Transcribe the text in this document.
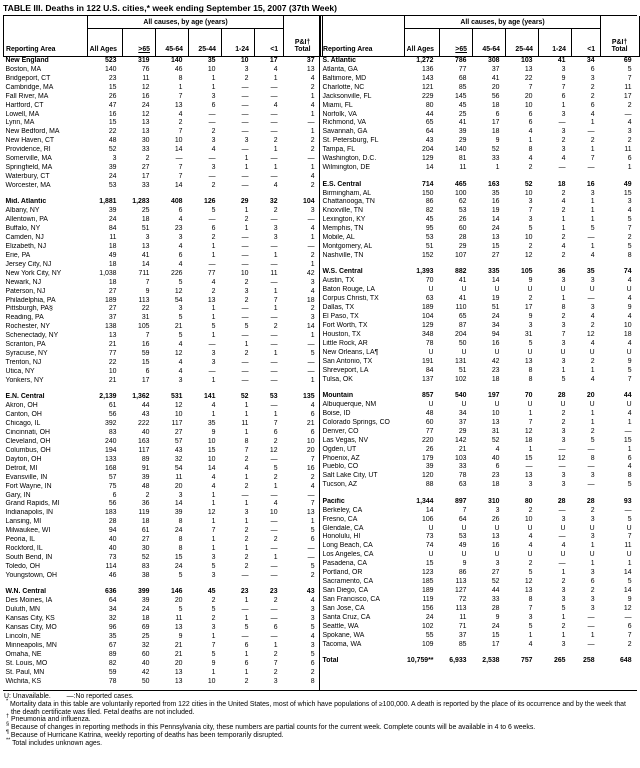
TABLE III. Deaths in 122 U.S. cities,* week ending September 15, 2007 (37th Week)
	All causes, by age (years)						
Reporting Area	All Ages	>65	45-64	25-44	1-24	<1	P&I†
Total
New England	523	319	140	35	10	17	37
Boston, MA	140	76	46	10	3	4	13
Bridgeport, CT	23	11	8	1	2	1	4
Cambridge, MA	15	12	1	1	—	—	2
Fall River, MA	26	16	7	3	—	—	1
Hartford, CT	47	24	13	6	—	4	4
Lowell, MA	16	12	4	—	—	—	1
Lynn, MA	15	13	2	—	—	—	—
New Bedford, MA	22	13	7	2	—	—	1
New Haven, CT	48	30	10	3	3	2	2
Providence, RI	52	33	14	4	—	1	2
Somerville, MA	3	2	—	—	1	—	—
Springfield, MA	39	27	7	3	1	1	1
Waterbury, CT	24	17	7	—	—	—	4
Worcester, MA	53	33	14	2	—	4	2

Mid. Atlantic	1,881	1,283	408	126	29	32	104
Albany, NY	39	25	6	5	1	2	3
Allentown, PA	24	18	4	—	2	—	—
Buffalo, NY	84	51	23	6	1	3	4
Camden, NJ	11	3	3	2	—	3	1
Elizabeth, NJ	18	13	4	1	—	—	—
Erie, PA	49	41	6	1	—	1	2
Jersey City, NJ	18	14	4	—	—	—	1
New York City, NY	1,038	711	226	77	10	11	42
Newark, NJ	18	7	5	4	2	—	3
Paterson, NJ	27	9	12	2	3	1	4
Philadelphia, PA	189	113	54	13	2	7	18
Pittsburgh, PA§	27	22	3	1	—	1	2
Reading, PA	37	31	5	1	—	—	3
Rochester, NY	138	105	21	5	5	2	14
Schenectady, NY	13	7	5	1	—	—	1
Scranton, PA	21	16	4	—	1	—	—
Syracuse, NY	77	59	12	3	2	1	5
Trenton, NJ	22	15	4	3	—	—	—
Utica, NY	10	6	4	—	—	—	—
Yonkers, NY	21	17	3	1	—	—	1

E.N. Central	2,139	1,362	531	141	52	53	135
Akron, OH	61	44	12	4	1	—	4
Canton, OH	56	43	10	1	1	1	6
Chicago, IL	392	222	117	35	11	7	21
Cincinnati, OH	83	40	27	9	1	6	6
Cleveland, OH	240	163	57	10	8	2	10
Columbus, OH	194	117	43	15	7	12	20
Dayton, OH	133	89	32	10	2	—	7
Detroit, MI	168	91	54	14	4	5	16
Evansville, IN	57	39	11	4	1	2	2
Fort Wayne, IN	75	48	20	4	2	1	4
Gary, IN	6	2	3	1	—	—	—
Grand Rapids, MI	56	36	14	1	1	4	7
Indianapolis, IN	183	119	39	12	3	10	13
Lansing, MI	28	18	8	1	1	—	1
Milwaukee, WI	94	61	24	7	2	—	5
Peoria, IL	40	27	8	1	2	2	6
Rockford, IL	40	30	8	1	1	—	—
South Bend, IN	73	52	15	3	2	1	—
Toledo, OH	114	83	24	5	2	—	5
Youngstown, OH	46	38	5	3	—	—	2

W.N. Central	636	399	146	45	23	23	43
Des Moines, IA	64	39	20	2	1	2	4
Duluth, MN	34	24	5	5	—	—	3
Kansas City, KS	32	18	11	2	1	—	3
Kansas City, MO	96	69	13	3	5	6	5
Lincoln, NE	35	25	9	1	—	—	4
Minneapolis, MN	67	32	21	7	6	1	3
Omaha, NE	89	60	21	5	1	2	5
St. Louis, MO	82	40	20	9	6	7	6
St. Paul, MN	59	42	13	1	1	2	2
Wichita, KS	78	50	13	10	2	3	8
	All causes, by age (years)						
Reporting Area	All Ages	>65	45-64	25-44	1-24	<1	P&I†
Total
S. Atlantic	1,272	786	308	103	41	34	69
Atlanta, GA	136	77	37	13	3	6	5
Baltimore, MD	143	68	41	22	9	3	7
Charlotte, NC	121	85	20	7	7	2	11
Jacksonville, FL	229	145	56	20	6	2	17
Miami, FL	80	45	18	10	1	6	2
Norfolk, VA	44	25	6	6	3	4	—
Richmond, VA	65	41	17	6	—	1	4
Savannah, GA	64	39	18	4	3	—	3
St. Petersburg, FL	43	29	9	1	2	2	2
Tampa, FL	204	140	52	8	3	1	11
Washington, D.C.	129	81	33	4	4	7	6
Wilmington, DE	14	11	1	2	—	—	1

E.S. Central	714	465	163	52	18	16	49
Birmingham, AL	150	100	35	10	2	3	15
Chattanooga, TN	86	62	16	3	4	1	3
Knoxville, TN	82	53	19	7	2	1	4
Lexington, KY	45	26	14	3	1	1	5
Memphis, TN	95	60	24	5	1	5	7
Mobile, AL	53	28	13	10	2	—	2
Montgomery, AL	51	29	15	2	4	1	5
Nashville, TN	152	107	27	12	2	4	8

W.S. Central	1,393	882	335	105	36	35	74
Austin, TX	70	41	14	9	3	3	4
Baton Rouge, LA	U	U	U	U	U	U	U
Corpus Christi, TX	63	41	19	2	1	—	4
Dallas, TX	189	110	51	17	8	3	9
El Paso, TX	104	65	24	9	2	4	4
Fort Worth, TX	129	87	34	3	3	2	10
Houston, TX	348	204	94	31	7	12	18
Little Rock, AR	78	50	16	5	3	4	4
New Orleans, LA¶	U	U	U	U	U	U	U
San Antonio, TX	191	131	42	13	3	2	9
Shreveport, LA	84	51	23	8	1	1	5
Tulsa, OK	137	102	18	8	5	4	7

Mountain	857	540	197	70	28	20	44
Albuquerque, NM	U	U	U	U	U	U	U
Boise, ID	48	34	10	1	2	1	4
Colorado Springs, CO	60	37	13	7	2	1	1
Denver, CO	77	29	31	12	3	2	—
Las Vegas, NV	220	142	52	18	3	5	15
Ogden, UT	26	21	4	1	—	—	1
Phoenix, AZ	179	103	40	15	12	8	6
Pueblo, CO	39	33	6	—	—	—	4
Salt Lake City, UT	120	78	23	13	3	3	8
Tucson, AZ	88	63	18	3	3	—	5

Pacific	1,344	897	310	80	28	28	93
Berkeley, CA	14	7	3	2	—	2	—
Fresno, CA	106	64	26	10	3	3	5
Glendale, CA	U	U	U	U	U	U	U
Honolulu, HI	73	53	13	4	—	3	7
Long Beach, CA	74	49	16	4	4	1	11
Los Angeles, CA	U	U	U	U	U	U	U
Pasadena, CA	15	9	3	2	—	1	1
Portland, OR	123	86	27	5	1	3	14
Sacramento, CA	185	113	52	12	2	6	5
San Diego, CA	189	127	44	13	3	2	14
San Francisco, CA	119	72	33	8	3	3	9
San Jose, CA	156	113	28	7	5	3	12
Santa Cruz, CA	24	11	9	3	1	—	—
Seattle, WA	102	71	24	5	2	—	6
Spokane, WA	55	37	15	1	1	1	7
Tacoma, WA	109	85	17	4	3	—	2

Total	10,759**	6,933	2,538	757	265	258	648
U: Unavailable. —:No reported cases.
* Mortality data in this table are voluntarily reported from 122 cities in the United States, most of which have populations of ≥100,000. A death is reported by the place of its occurrence and by the week that the death certificate was filed. Fetal deaths are not included.
† Pneumonia and influenza.
§ Because of changes in reporting methods in this Pennsylvania city, these numbers are partial counts for the current week. Complete counts will be available in 4 to 6 weeks.
¶ Because of Hurricane Katrina, weekly reporting of deaths has been temporarily disrupted.
** Total includes unknown ages.
